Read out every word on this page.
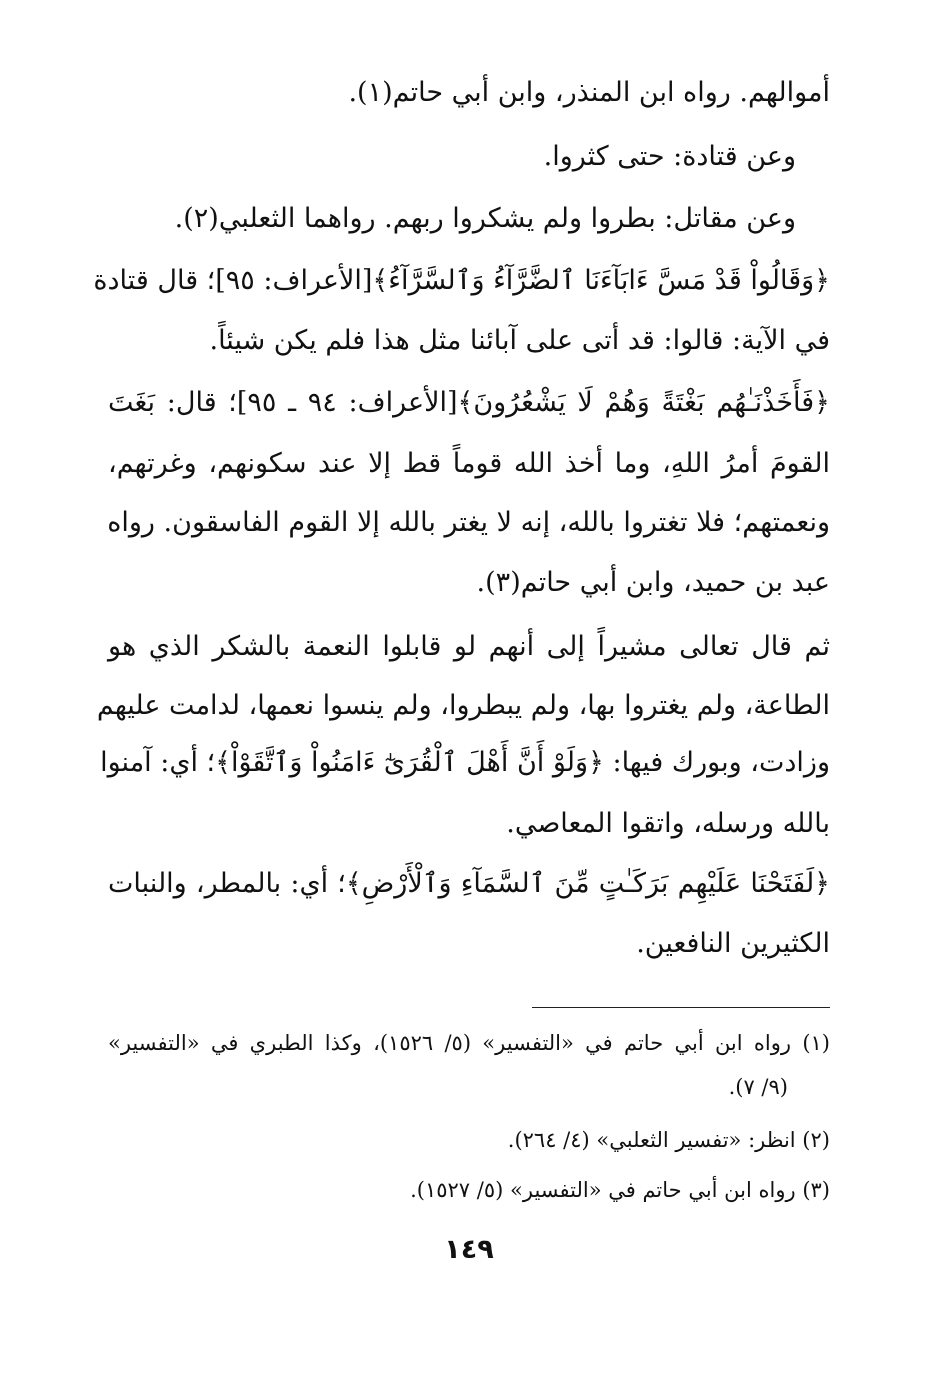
أموالهم. رواه ابن المنذر، وابن أبي حاتم(١).
وعن قتادة: حتى كثروا.
وعن مقاتل: بطروا ولم يشكروا ربهم. رواهما الثعلبي(٢).
﴿وَقَالُواْ قَدْ مَسَّ ءَابَآءَنَا ٱلضَّرَّآءُ وَٱلسَّرَّآءُ﴾[الأعراف: ٩٥]؛ قال قتادة
في الآية: قالوا: قد أتى على آبائنا مثل هذا فلم يكن شيئاً.
﴿فَأَخَذْنَـٰهُم بَغْتَةً وَهُمْ لَا يَشْعُرُونَ﴾[الأعراف: ٩٤ ـ ٩٥]؛ قال: بَغَتَ
القومَ أمرُ اللهِ، وما أخذ الله قوماً قط إلا عند سكونهم، وغرتهم،
ونعمتهم؛ فلا تغتروا بالله، إنه لا يغتر بالله إلا القوم الفاسقون. رواه
عبد بن حميد، وابن أبي حاتم(٣).
ثم قال تعالى مشيراً إلى أنهم لو قابلوا النعمة بالشكر الذي هو
الطاعة، ولم يغتروا بها، ولم يبطروا، ولم ينسوا نعمها، لدامت عليهم
وزادت، وبورك فيها: ﴿وَلَوْ أَنَّ أَهْلَ ٱلْقُرَىٰٓ ءَامَنُواْ وَٱتَّقَوْاْ﴾؛ أي: آمنوا
بالله ورسله، واتقوا المعاصي.
﴿لَفَتَحْنَا عَلَيْهِم بَرَكَـٰتٍ مِّنَ ٱلسَّمَآءِ وَٱلْأَرْضِ﴾؛ أي: بالمطر، والنبات
الكثيرين النافعين.
(١) رواه ابن أبي حاتم في «التفسير» (٥/ ١٥٢٦)، وكذا الطبري في «التفسير»
(٩/ ٧).
(٢) انظر: «تفسير الثعلبي» (٤/ ٢٦٤).
(٣) رواه ابن أبي حاتم في «التفسير» (٥/ ١٥٢٧).
١٤٩
